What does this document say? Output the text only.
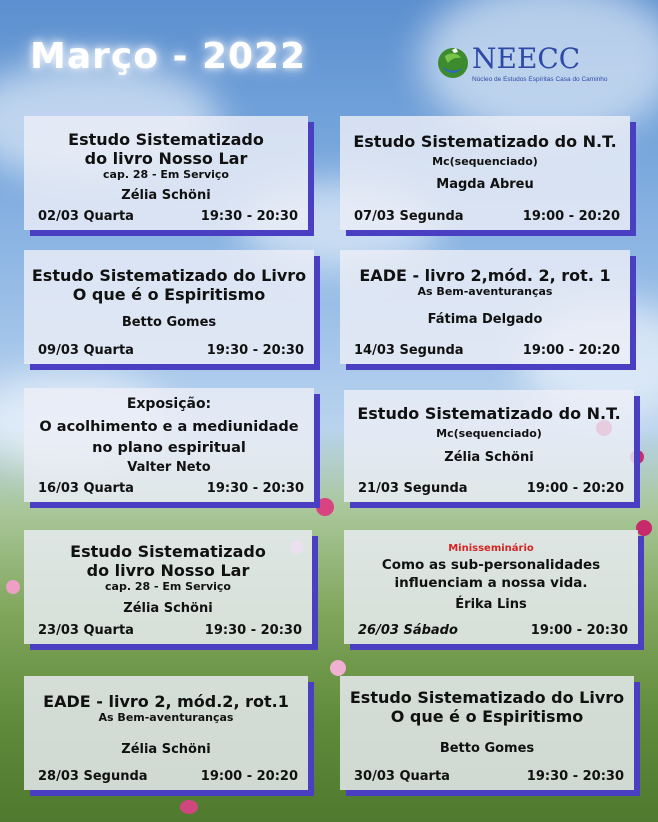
Março - 2022	NEECC
Núcleo de Estudos Espíritas Casa do Caminho
Estudo Sistematizado
do livro Nosso Lar
cap. 28 - Em Serviço
Zélia Schöni
02/03 Quarta	19:30 - 20:30
Estudo Sistematizado do N.T.
Mc(sequenciado)
Magda Abreu
07/03 Segunda	19:00 - 20:20
Estudo Sistematizado do Livro
O que é o Espiritismo
Betto Gomes
09/03 Quarta	19:30 - 20:30
EADE - livro 2,mód. 2, rot. 1
As Bem-aventuranças
Fátima Delgado
14/03 Segunda	19:00 - 20:20
Exposição:
O acolhimento e a mediunidade
no plano espiritual
Valter Neto
16/03 Quarta	19:30 - 20:30
Estudo Sistematizado do N.T.
Mc(sequenciado)
Zélia Schöni
21/03 Segunda	19:00 - 20:20
Estudo Sistematizado
do livro Nosso Lar
cap. 28 - Em Serviço
Zélia Schöni
23/03 Quarta	19:30 - 20:30
Minisseminário
Como as sub-personalidades
influenciam a nossa vida.
Érika Lins
26/03 Sábado	19:00 - 20:30
EADE - livro 2, mód.2, rot.1
As Bem-aventuranças
Zélia Schöni
28/03 Segunda	19:00 - 20:20
Estudo Sistematizado do Livro
O que é o Espiritismo
Betto Gomes
30/03 Quarta	19:30 - 20:30
